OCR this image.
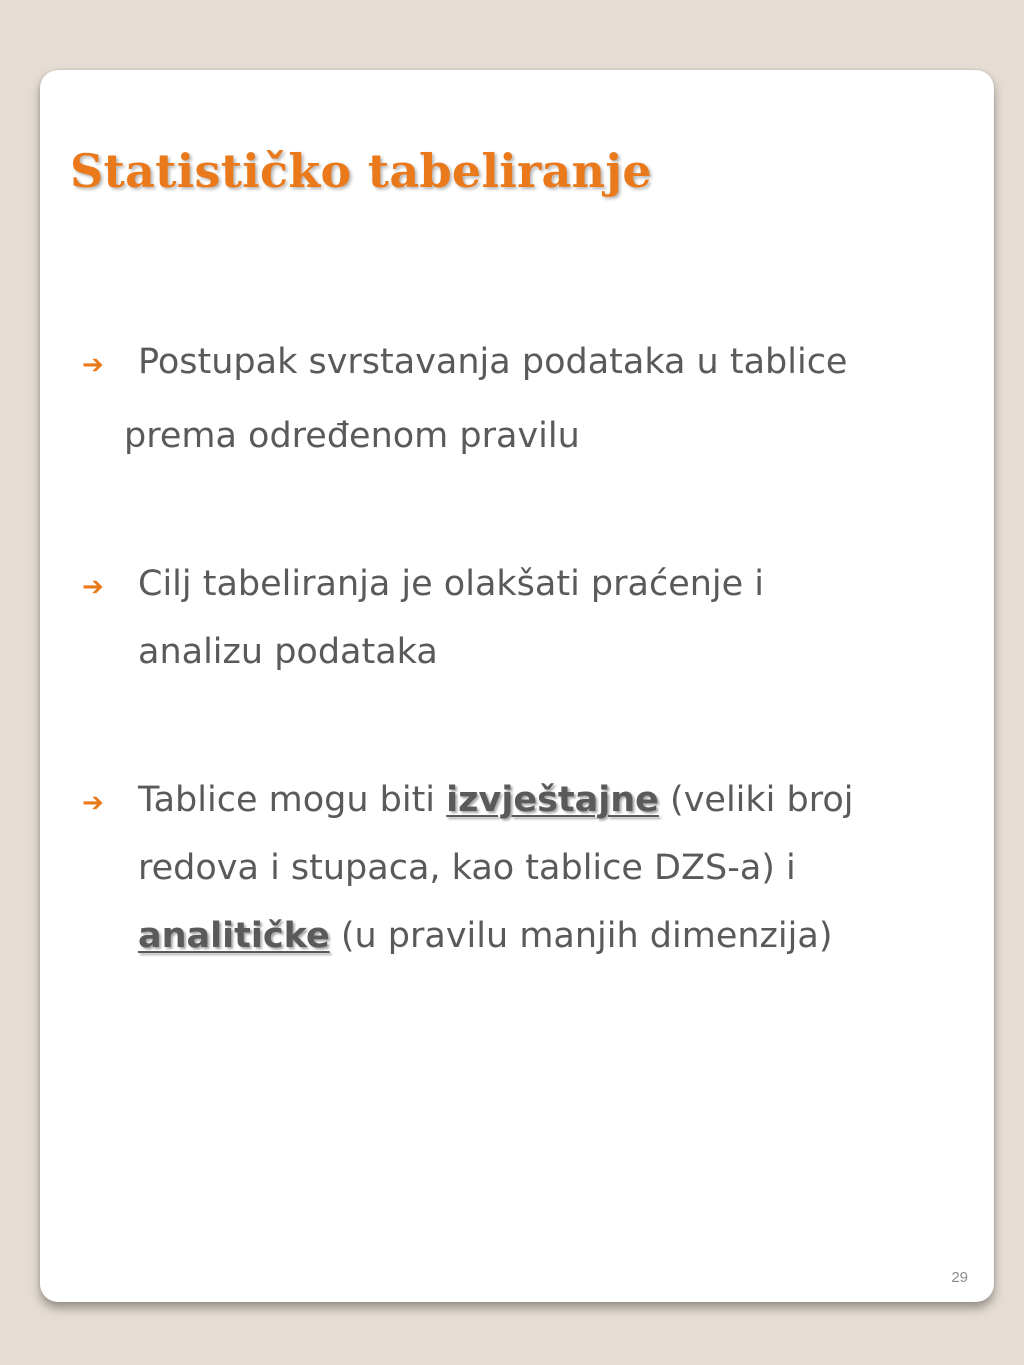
Statističko tabeliranje
➔ Postupak svrstavanja podataka u tablice
prema određenom pravilu
➔ Cilj tabeliranja je olakšati praćenje i
analizu podataka
➔ Tablice mogu biti izvještajne (veliki broj
redova i stupaca, kao tablice DZS-a) i
analitičke (u pravilu manjih dimenzija)
29
